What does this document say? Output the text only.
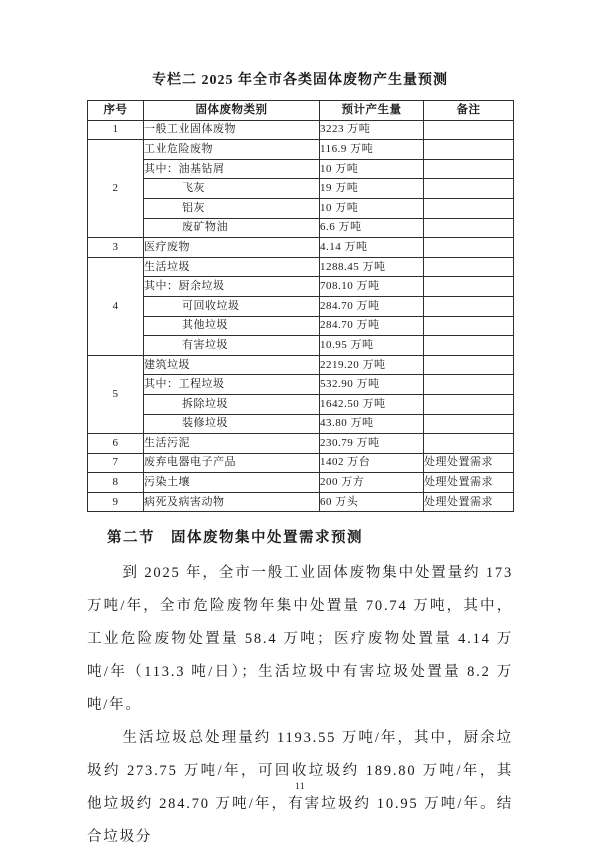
专栏二 2025 年全市各类固体废物产生量预测
序号	固体废物类别	预计产生量	备注
1	一般工业固体废物	3223 万吨	
2	工业危险废物	116.9 万吨	
	其中：油基钻屑	10 万吨	
	飞灰	19 万吨	
	铝灰	10 万吨	
	废矿物油	6.6 万吨	
3	医疗废物	4.14 万吨	
4	生活垃圾	1288.45 万吨	
	其中：厨余垃圾	708.10 万吨	
	可回收垃圾	284.70 万吨	
	其他垃圾	284.70 万吨	
	有害垃圾	10.95 万吨	
5	建筑垃圾	2219.20 万吨	
	其中：工程垃圾	532.90 万吨	
	拆除垃圾	1642.50 万吨	
	装修垃圾	43.80 万吨	
6	生活污泥	230.79 万吨	
7	废弃电器电子产品	1402 万台	处理处置需求
8	污染土壤	200 万方	处理处置需求
9	病死及病害动物	60 万头	处理处置需求
第二节　固体废物集中处置需求预测

到 2025 年，全市一般工业固体废物集中处置量约 173 万吨/年，全市危险废物年集中处置量 70.74 万吨，其中，工业危险废物处置量 58.4 万吨；医疗废物处置量 4.14 万吨/年（113.3 吨/日）；生活垃圾中有害垃圾处置量 8.2 万吨/年。

生活垃圾总处理量约 1193.55 万吨/年，其中，厨余垃圾约 273.75 万吨/年，可回收垃圾约 189.80 万吨/年，其他垃圾约 284.70 万吨/年，有害垃圾约 10.95 万吨/年。结合垃圾分

11
